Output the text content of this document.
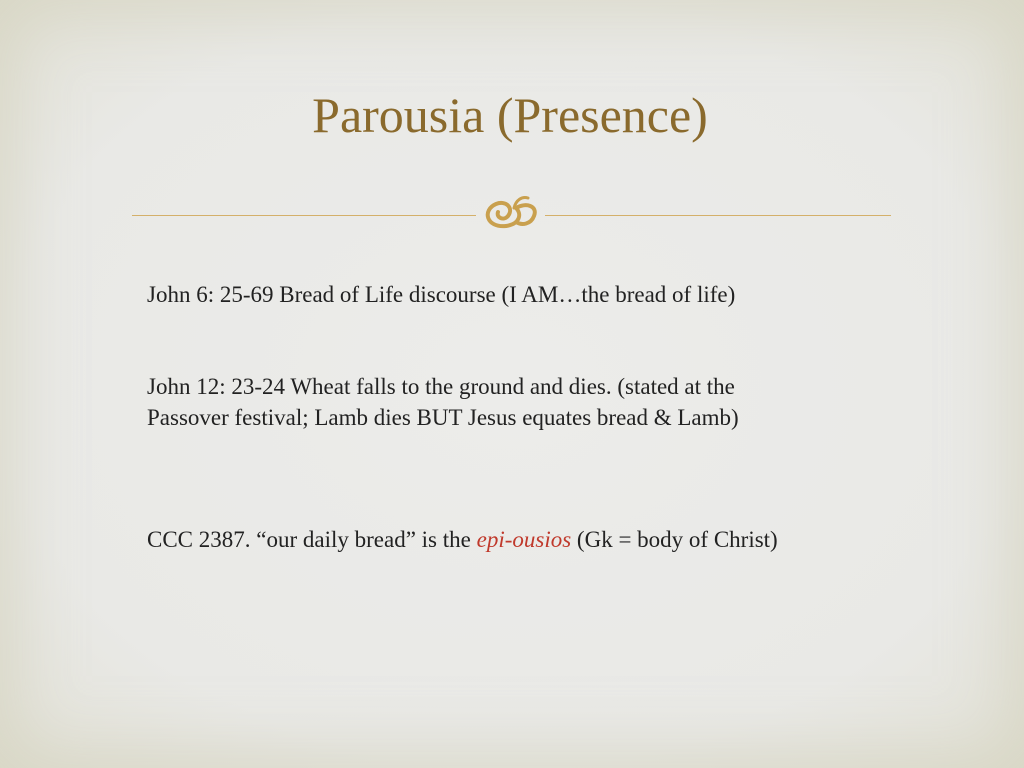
Parousia (Presence)
John 6: 25-69 Bread of Life discourse (I AM…the bread of life)
John 12: 23-24 Wheat falls to the ground and dies. (stated at the
Passover festival; Lamb dies BUT Jesus equates bread & Lamb)
CCC 2387. “our daily bread” is the epi-ousios (Gk = body of Christ)
